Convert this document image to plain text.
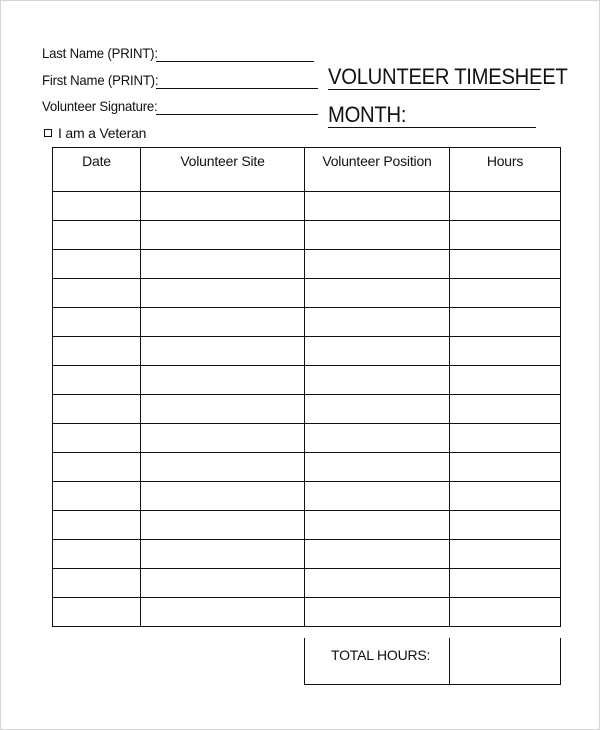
Last Name (PRINT):
First Name (PRINT):
Volunteer Signature:
I am a Veteran
VOLUNTEER TIMESHEET
MONTH:
Date	Volunteer Site	Volunteer Position	Hours

TOTAL HOURS:	
